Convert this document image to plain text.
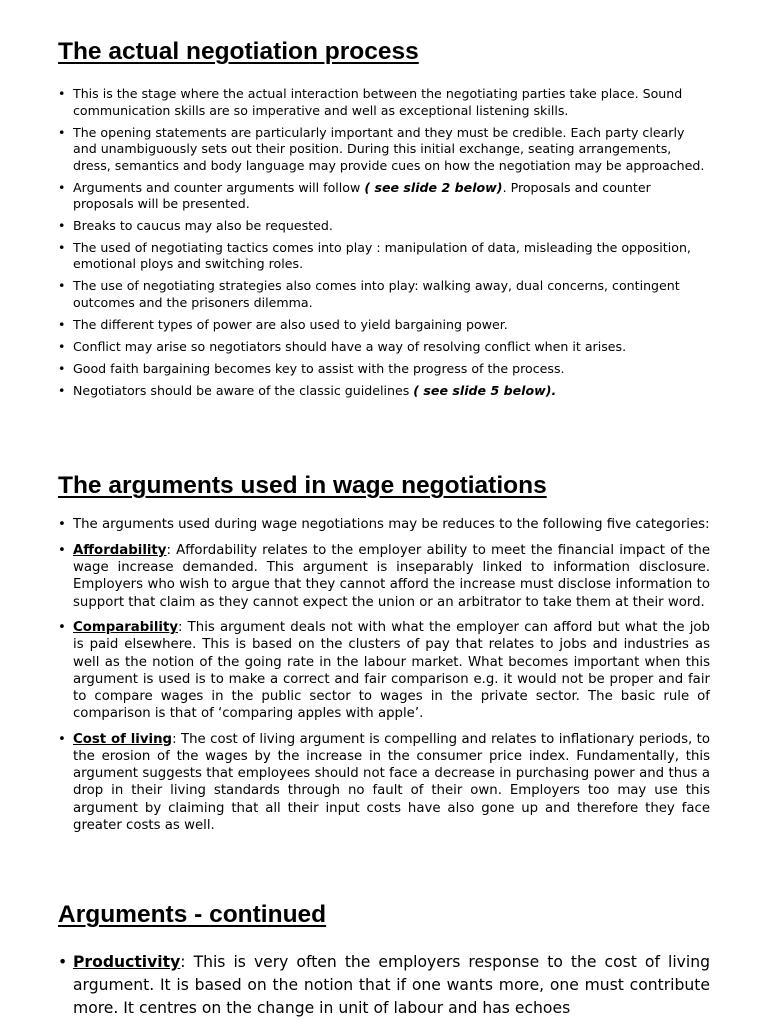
The actual negotiation process
• This is the stage where the actual interaction between the negotiating parties take place. Sound communication skills are so imperative and well as exceptional listening skills.
• The opening statements are particularly important and they must be credible. Each party clearly and unambiguously sets out their position. During this initial exchange, seating arrangements, dress, semantics and body language may provide cues on how the negotiation may be approached.
• Arguments and counter arguments will follow ( see slide 2 below). Proposals and counter proposals will be presented.
• Breaks to caucus may also be requested.
• The used of negotiating tactics comes into play : manipulation of data, misleading the opposition, emotional ploys and switching roles.
• The use of negotiating strategies also comes into play: walking away, dual concerns, contingent outcomes and the prisoners dilemma.
• The different types of power are also used to yield bargaining power.
• Conflict may arise so negotiators should have a way of resolving conflict when it arises.
• Good faith bargaining becomes key to assist with the progress of the process.
• Negotiators should be aware of the classic guidelines ( see slide 5 below).
The arguments used in wage negotiations
• The arguments used during wage negotiations may be reduces to the following five categories:
• Affordability: Affordability relates to the employer ability to meet the financial impact of the wage increase demanded. This argument is inseparably linked to information disclosure. Employers who wish to argue that they cannot afford the increase must disclose information to support that claim as they cannot expect the union or an arbitrator to take them at their word.
• Comparability: This argument deals not with what the employer can afford but what the job is paid elsewhere. This is based on the clusters of pay that relates to jobs and industries as well as the notion of the going rate in the labour market. What becomes important when this argument is used is to make a correct and fair comparison e.g. it would not be proper and fair to compare wages in the public sector to wages in the private sector. The basic rule of comparison is that of ‘comparing apples with apple’.
• Cost of living: The cost of living argument is compelling and relates to inflationary periods, to the erosion of the wages by the increase in the consumer price index. Fundamentally, this argument suggests that employees should not face a decrease in purchasing power and thus a drop in their living standards through no fault of their own. Employers too may use this argument by claiming that all their input costs have also gone up and therefore they face greater costs as well.
Arguments - continued
• Productivity: This is very often the employers response to the cost of living argument. It is based on the notion that if one wants more, one must contribute more. It centres on the change in unit of labour and has echoes
